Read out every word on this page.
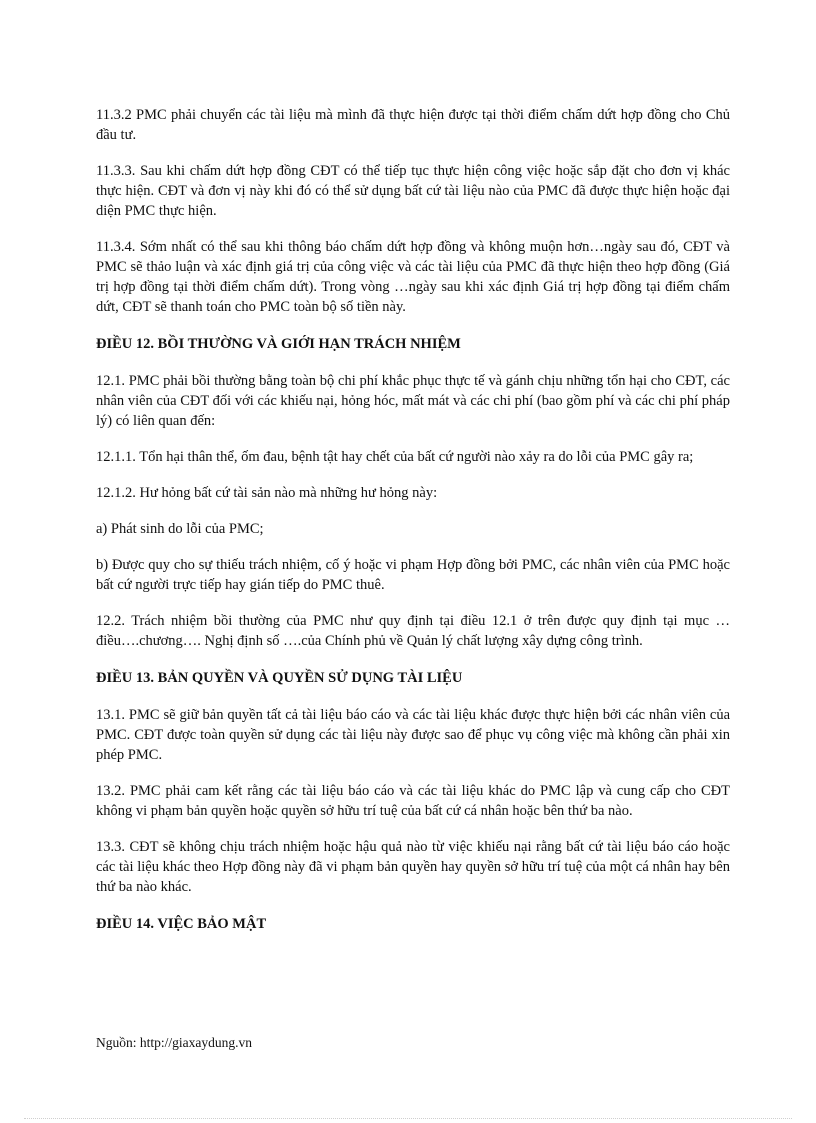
11.3.2 PMC phải chuyển các tài liệu mà mình đã thực hiện được tại thời điểm chấm dứt hợp đồng cho Chủ đầu tư.

11.3.3. Sau khi chấm dứt hợp đồng CĐT có thể tiếp tục thực hiện công việc hoặc sắp đặt cho đơn vị khác thực hiện. CĐT và đơn vị này khi đó có thể sử dụng bất cứ tài liệu nào của PMC đã được thực hiện hoặc đại diện PMC thực hiện.

11.3.4. Sớm nhất có thể sau khi thông báo chấm dứt hợp đồng và không muộn hơn…ngày sau đó, CĐT và PMC sẽ thảo luận và xác định giá trị của công việc và các tài liệu của PMC đã thực hiện theo hợp đồng (Giá trị hợp đồng tại thời điểm chấm dứt). Trong vòng …ngày sau khi xác định Giá trị hợp đồng tại điểm chấm dứt, CĐT sẽ thanh toán cho PMC toàn bộ số tiền này.

ĐIỀU 12. BỒI THƯỜNG VÀ GIỚI HẠN TRÁCH NHIỆM

12.1. PMC phải bồi thường bằng toàn bộ chi phí khắc phục thực tế và gánh chịu những tổn hại cho CĐT, các nhân viên của CĐT đối với các khiếu nại, hỏng hóc, mất mát và các chi phí (bao gồm phí và các chi phí pháp lý) có liên quan đến:

12.1.1. Tổn hại thân thể, ốm đau, bệnh tật hay chết của bất cứ người nào xảy ra do lỗi của PMC gây ra;

12.1.2. Hư hỏng bất cứ tài sản nào mà những hư hỏng này:

a) Phát sinh do lỗi của PMC;

b) Được quy cho sự thiếu trách nhiệm, cố ý hoặc vi phạm Hợp đồng bởi PMC, các nhân viên của PMC hoặc bất cứ người trực tiếp hay gián tiếp do PMC thuê.

12.2. Trách nhiệm bồi thường của PMC như quy định tại điều 12.1 ở trên được quy định tại mục … điều….chương…. Nghị định số ….của Chính phủ về Quản lý chất lượng xây dựng công trình.

ĐIỀU 13. BẢN QUYỀN VÀ QUYỀN SỬ DỤNG TÀI LIỆU

13.1. PMC sẽ giữ bản quyền tất cả tài liệu báo cáo và các tài liệu khác được thực hiện bởi các nhân viên của PMC. CĐT được toàn quyền sử dụng các tài liệu này được sao để phục vụ công việc mà không cần phải xin phép PMC.

13.2. PMC phải cam kết rằng các tài liệu báo cáo và các tài liệu khác do PMC lập và cung cấp cho CĐT không vi phạm bản quyền hoặc quyền sở hữu trí tuệ của bất cứ cá nhân hoặc bên thứ ba nào.

13.3. CĐT sẽ không chịu trách nhiệm hoặc hậu quả nào từ việc khiếu nại rằng bất cứ tài liệu báo cáo hoặc các tài liệu khác theo Hợp đồng này đã vi phạm bản quyền hay quyền sở hữu trí tuệ của một cá nhân hay bên thứ ba nào khác.

ĐIỀU 14. VIỆC BẢO MẬT
Nguồn: http://giaxaydung.vn
